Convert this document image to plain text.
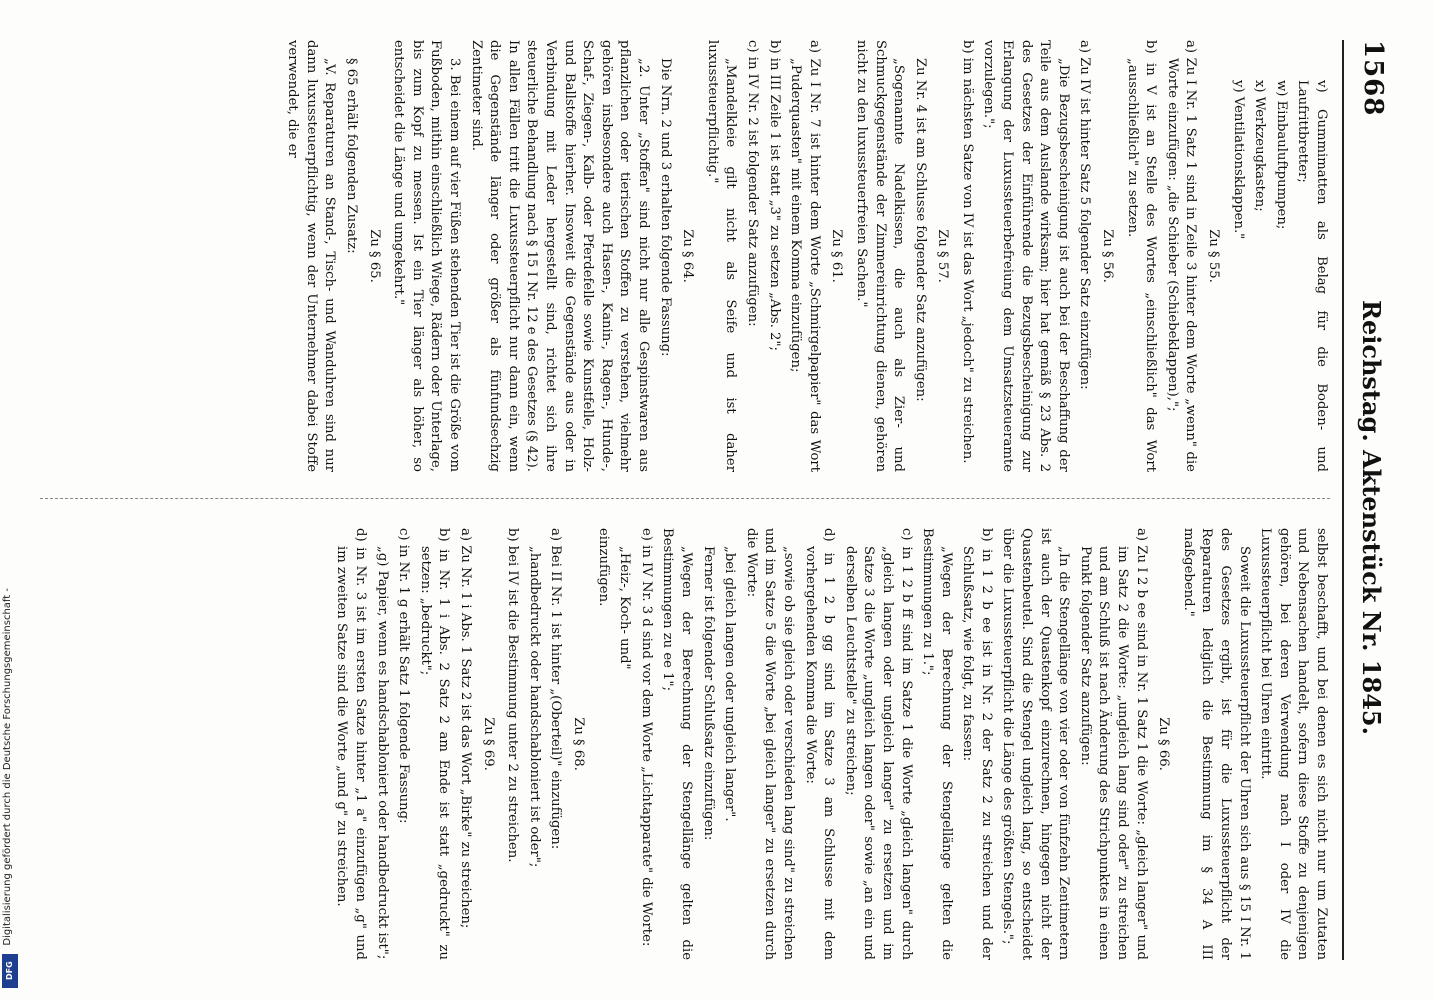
1568
Reichstag. Aktenstück Nr. 1845.

v) Gummimatten als Belag für die Boden- und Laufrittbretter;

w) Einbauluftpumpen;

x) Werkzeugkasten;

y) Ventilationsklappen."

Zu § 55.

a) Zu I Nr. 1 Satz 1 sind in Zeile 3 hinter dem Worte „wenn" die Worte einzufügen: „die Schieber (Schiebeklappen),";

b) in V ist an Stelle des Wortes „einschließlich" das Wort „ausschließlich" zu setzen.

Zu § 56.

a) Zu IV ist hinter Satz 5 folgender Satz einzufügen:

„Die Bezugsbescheinigung ist auch bei der Beschaffung der Teile aus dem Auslande wirksam; hier hat gemäß § 23 Abs. 2 des Gesetzes der Einführende die Bezugsbescheinigung zur Erlangung der Luxussteuerbefreiung dem Umsatzsteueramte vorzulegen.";

b) im nächsten Satze von IV ist das Wort „jedoch" zu streichen.

Zu § 57.

Zu Nr. 4 ist am Schlusse folgender Satz anzufügen:

„Sogenannte Nadelkissen, die auch als Zier- und Schmuckgegenstände der Zimmereinrichtung dienen, gehören nicht zu den luxussteuerfreien Sachen."

Zu § 61.

a) Zu I Nr. 7 ist hinter dem Worte „Schmirgelpapier" das Wort „Puderquasten" mit einem Komma einzufügen;

b) in III Zeile 1 ist statt „3" zu setzen „Abs. 2";

c) in IV Nr. 2 ist folgender Satz anzufügen:

„Mandelkleie gilt nicht als Seife und ist daher luxussteuerpflichtig."

Zu § 64.

Die Nrn. 2 und 3 erhalten folgende Fassung:

„2. Unter „Stoffen" sind nicht nur alle Gespinstwaren aus pflanzlichen oder tierischen Stoffen zu verstehen, vielmehr gehören insbesondere auch Hasen-, Kanin-, Ragen-, Hunde-, Schaf-, Ziegen-, Kalb- oder Pferdefelle sowie Kunstfelle, Holz- und Ballstoffe hierher. Insoweit die Gegenstände aus oder in Verbindung mit Leder hergestellt sind, richtet sich ihre steuerliche Behandlung nach § 15 I Nr. 12 e des Gesetzes (§ 42). In allen Fällen tritt die Luxussteuerpflicht nur dann ein, wenn die Gegenstände länger oder größer als fünfundsechzig Zentimeter sind.

3. Bei einem auf vier Füßen stehenden Tier ist die Größe vom Fußboden, mithin einschließlich Wiege, Rädern oder Unterlage, bis zum Kopf zu messen. Ist ein Tier länger als höher, so entscheidet die Länge und umgekehrt."

Zu § 65.

§ 65 erhält folgenden Zusatz:

„V. Reparaturen an Stand-, Tisch- und Wanduhren sind nur dann luxussteuerpflichtig, wenn der Unternehmer dabei Stoffe verwendet, die er

selbst beschafft, und bei denen es sich nicht nur um Zutaten und Nebensachen handelt, sofern diese Stoffe zu denjenigen gehören, bei deren Verwendung nach I oder IV die Luxussteuerpflicht bei Uhren eintritt.

Soweit die Luxussteuerpflicht der Uhren sich aus § 15 I Nr. 1 des Gesetzes ergibt, ist für die Luxussteuerpflicht der Reparaturen lediglich die Bestimmung im § 34 A III maßgebend."

Zu § 66.

a) Zu I 2 b ee sind in Nr. 1 Satz 1 die Worte: „gleich langer" und im Satz 2 die Worte: „ungleich lang sind oder" zu streichen und am Schluß ist nach Änderung des Strichpunktes in einen Punkt folgender Satz anzufügen:

„In die Stengellänge von vier oder von fünfzehn Zentimetern ist auch der Quastenkopf einzurechnen, hingegen nicht der Quastenbeutel. Sind die Stengel ungleich lang, so entscheidet über die Luxussteuerpflicht die Länge des größten Stengels.";

b) in 1 2 b ee ist in Nr. 2 der Satz 2 zu streichen und der Schlußsatz, wie folgt, zu fassen:

„Wegen der Berechnung der Stengellänge gelten die Bestimmungen zu 1.";

c) in 1 2 b ff sind im Satze 1 die Worte „gleich langen" durch „gleich langen oder ungleich langer" zu ersetzen und im Satze 3 die Worte „ungleich langen oder" sowie „an ein und derselben Leuchtstelle" zu streichen;

d) in 1 2 b gg sind im Satze 3 am Schlusse mit dem vorhergehenden Komma die Worte:

„sowie ob sie gleich oder verschieden lang sind" zu streichen und im Satze 5 die Worte „bei gleich langer" zu ersetzen durch die Worte:

„bei gleich langen oder ungleich langer".

Ferner ist folgender Schlußsatz einzufügen:

„Wegen der Berechnung der Stengellänge gelten die Bestimmungen zu ee 1";

e) in IV Nr. 3 d sind vor dem Worte „Lichtapparate" die Worte:

„Heiz-, Koch- und"

einzufügen.

Zu § 68.

a) Bei II Nr. 1 ist hinter „(Oberteil)" einzufügen:

„handbedruckt oder handschabloniert ist oder";

b) bei IV ist die Bestimmung unter 2 zu streichen.

Zu § 69.

a) Zu Nr. 1 i Abs. 1 Satz 2 ist das Wort „Birke" zu streichen;

b) in Nr. 1 i Abs. 2 Satz 2 am Ende ist statt „gedruckt" zu setzen: „bedruckt";

c) in Nr. 1 g erhält Satz 1 folgende Fassung:

„g) Papier, wenn es handschabloniert oder handbedruckt ist";

d) in Nr. 3 ist im ersten Satze hinter „1 a" einzufügen „g" und im zweiten Satze sind die Worte „und g" zu streichen.

Digitalisierung gefördert durch die Deutsche Forschungsgemeinschaft -
DFG
